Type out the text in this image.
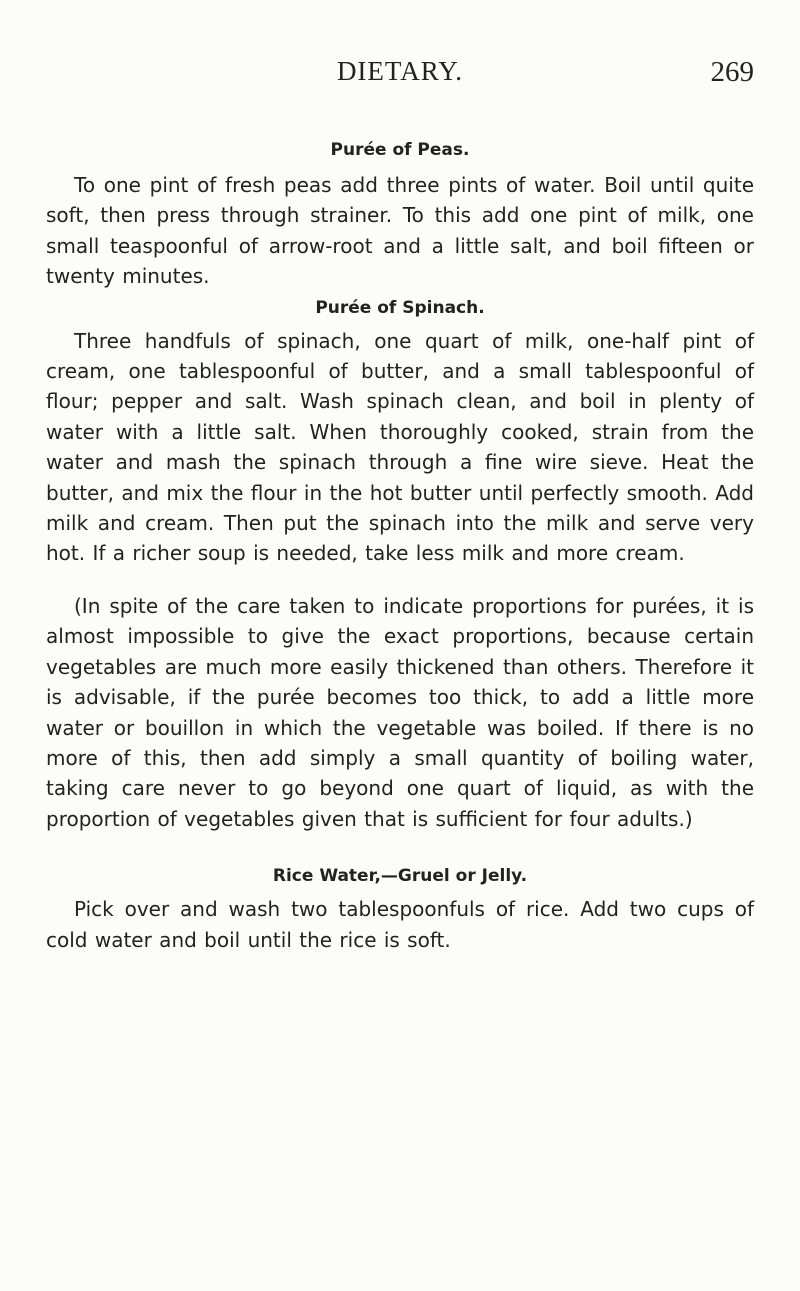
DIETARY.	269
Purée of Peas.

To one pint of fresh peas add three pints of water. Boil until quite soft, then press through strainer. To this add one pint of milk, one small teaspoonful of arrow-root and a little salt, and boil fifteen or twenty minutes.

Purée of Spinach.

Three handfuls of spinach, one quart of milk, one-half pint of cream, one tablespoonful of butter, and a small tablespoonful of flour; pepper and salt. Wash spinach clean, and boil in plenty of water with a little salt. When thoroughly cooked, strain from the water and mash the spinach through a fine wire sieve. Heat the butter, and mix the flour in the hot butter until perfectly smooth. Add milk and cream. Then put the spinach into the milk and serve very hot. If a richer soup is needed, take less milk and more cream.

(In spite of the care taken to indicate proportions for purées, it is almost impossible to give the exact proportions, because certain vegetables are much more easily thickened than others. Therefore it is advisable, if the purée becomes too thick, to add a little more water or bouillon in which the vegetable was boiled. If there is no more of this, then add simply a small quantity of boiling water, taking care never to go beyond one quart of liquid, as with the proportion of vegetables given that is sufficient for four adults.)

Rice Water,—Gruel or Jelly.

Pick over and wash two tablespoonfuls of rice. Add two cups of cold water and boil until the rice is soft.
